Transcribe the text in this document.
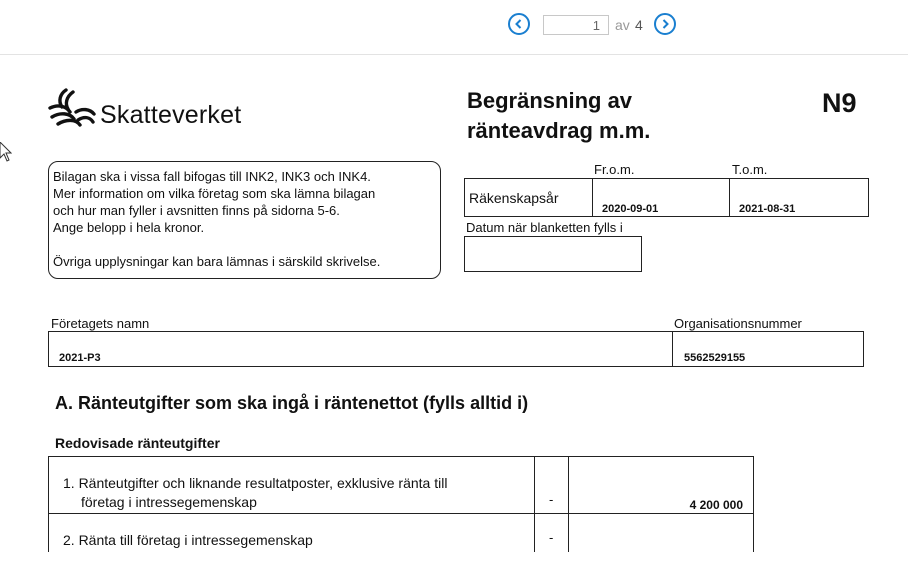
1
av 4
Skatteverket
Begränsning av
ränteavdrag m.m.
N9
Bilagan ska i vissa fall bifogas till INK2, INK3 och INK4.
Mer information om vilka företag som ska lämna bilagan
och hur man fyller i avsnitten finns på sidorna 5-6.
Ange belopp i hela kronor.
Övriga upplysningar kan bara lämnas i särskild skrivelse.
Fr.o.m.	T.o.m.
Räkenskapsår
2020-09-01	2021-08-31
Datum när blanketten fylls i
Företagets namn	Organisationsnummer
2021-P3	5562529155
A. Ränteutgifter som ska ingå i räntenettot (fylls alltid i)
Redovisade ränteutgifter
1. Ränteutgifter och liknande resultatposter, exklusive ränta till
företag i intressegemenskap	-	4 200 000
2. Ränta till företag i intressegemenskap	-
